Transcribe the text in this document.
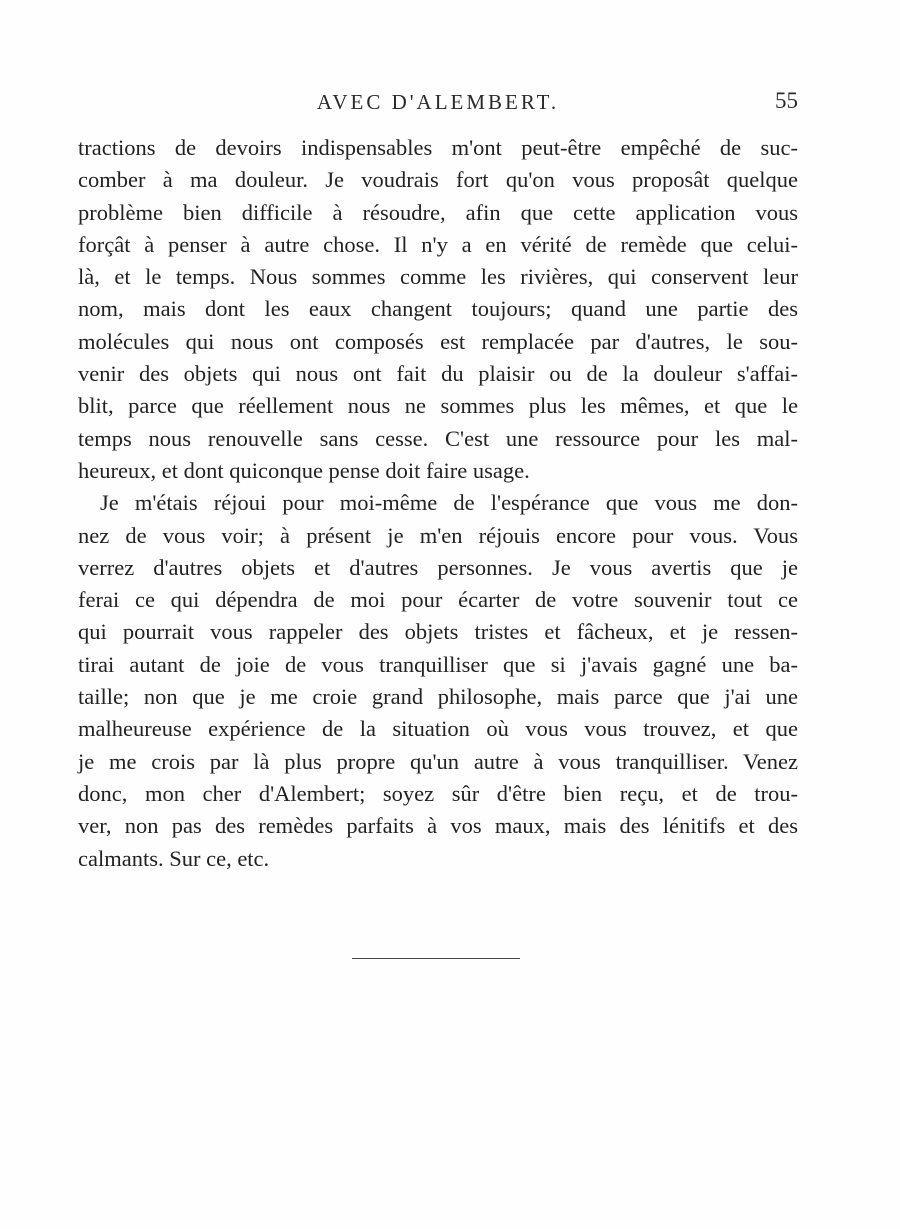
AVEC D'ALEMBERT.	55
tractions de devoirs indispensables m'ont peut-être empêché de suc-
comber à ma douleur. Je voudrais fort qu'on vous proposât quelque
problème bien difficile à résoudre, afin que cette application vous
forçât à penser à autre chose. Il n'y a en vérité de remède que celui-
là, et le temps. Nous sommes comme les rivières, qui conservent leur
nom, mais dont les eaux changent toujours; quand une partie des
molécules qui nous ont composés est remplacée par d'autres, le sou-
venir des objets qui nous ont fait du plaisir ou de la douleur s'affai-
blit, parce que réellement nous ne sommes plus les mêmes, et que le
temps nous renouvelle sans cesse. C'est une ressource pour les mal-
heureux, et dont quiconque pense doit faire usage.
Je m'étais réjoui pour moi-même de l'espérance que vous me don-
nez de vous voir; à présent je m'en réjouis encore pour vous. Vous
verrez d'autres objets et d'autres personnes. Je vous avertis que je
ferai ce qui dépendra de moi pour écarter de votre souvenir tout ce
qui pourrait vous rappeler des objets tristes et fâcheux, et je ressen-
tirai autant de joie de vous tranquilliser que si j'avais gagné une ba-
taille; non que je me croie grand philosophe, mais parce que j'ai une
malheureuse expérience de la situation où vous vous trouvez, et que
je me crois par là plus propre qu'un autre à vous tranquilliser. Venez
donc, mon cher d'Alembert; soyez sûr d'être bien reçu, et de trou-
ver, non pas des remèdes parfaits à vos maux, mais des lénitifs et des
calmants. Sur ce, etc.
